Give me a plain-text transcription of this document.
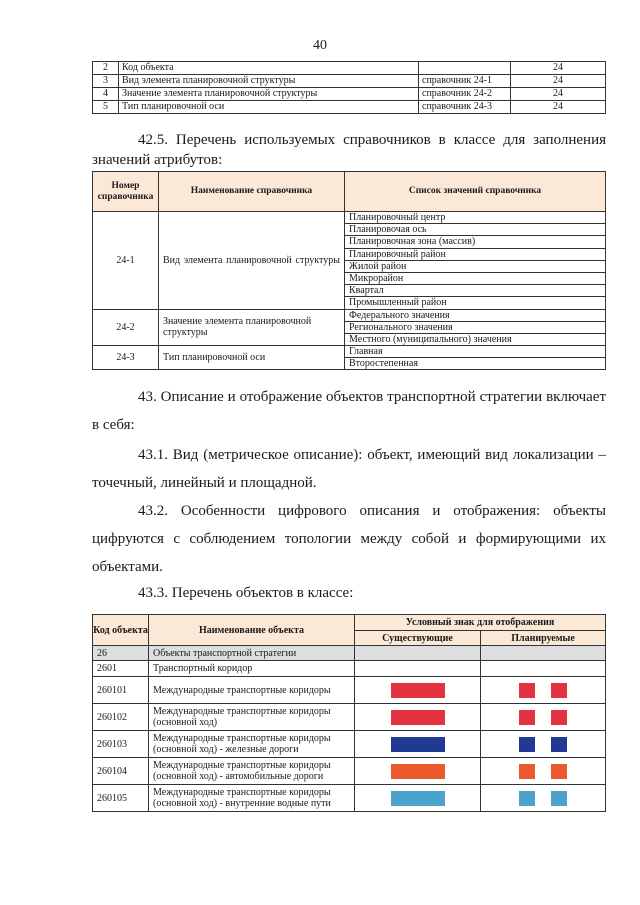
40
2	Код объекта		24
3	Вид элемента планировочной структуры	справочник 24-1	24
4	Значение элемента планировочной структуры	справочник 24-2	24
5	Тип планировочной оси	справочник 24-3	24
42.5. Перечень используемых справочников в классе для заполнения значений атрибутов:
Номер справочника	Наименование справочника	Список значений справочника
24-1	Вид элемента планировочной структуры	Планировочный центр
		Планировочая ось
		Планировочная зона (массив)
		Планировочный район
		Жилой район
		Микрорайон
		Квартал
		Промышленный район
24-2	Значение элемента планировочной структуры	Федерального значения
		Регионального значения
		Местного (муниципального) значения
24-3	Тип планировочной оси	Главная
		Второстепенная
43. Описание и отображение объектов транспортной стратегии включает в себя:
43.1. Вид (метрическое описание): объект, имеющий вид локализации – точечный, линейный и площадной.
43.2. Особенности цифрового описания и отображения: объекты цифруются с соблюдением топологии между собой и формирующими их объектами.
43.3. Перечень объектов в классе:
Код объекта	Наименование объекта	Условный знак для отображения	
		Существующие	Планируемые
26	Объекты транспортной стратегии		
2601	Транспортный коридор		
260101	Международные транспортные коридоры	

260102	Международные транспортные коридоры (основной ход)	

260103	Международные транспортные коридоры (основной ход) - железные дороги	

260104	Международные транспортные коридоры (основной ход) - автомобильные дороги	

260105	Международные транспортные коридоры (основной ход) - внутренние водные пути	
